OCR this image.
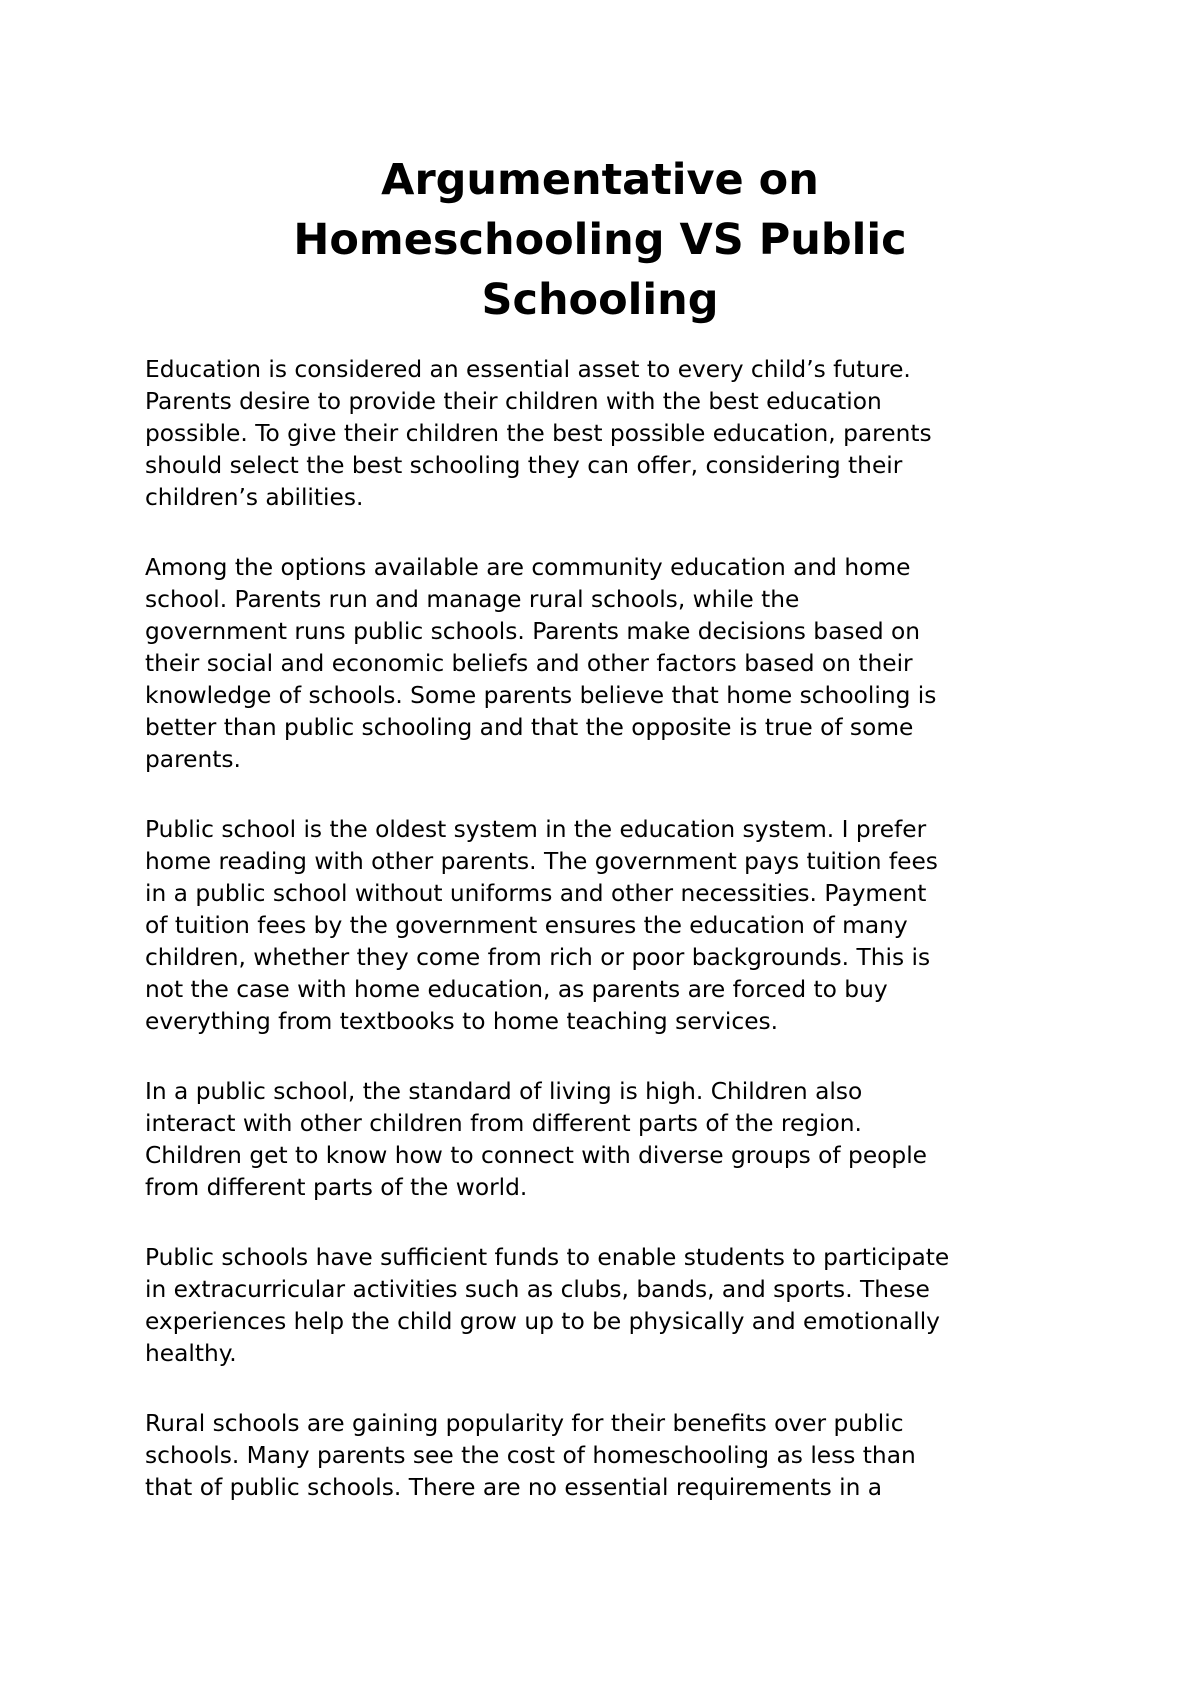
Argumentative on
Homeschooling VS Public
Schooling

Education is considered an essential asset to every child’s future.
Parents desire to provide their children with the best education
possible. To give their children the best possible education, parents
should select the best schooling they can offer, considering their
children’s abilities.

Among the options available are community education and home
school. Parents run and manage rural schools, while the
government runs public schools. Parents make decisions based on
their social and economic beliefs and other factors based on their
knowledge of schools. Some parents believe that home schooling is
better than public schooling and that the opposite is true of some
parents.

Public school is the oldest system in the education system. I prefer
home reading with other parents. The government pays tuition fees
in a public school without uniforms and other necessities. Payment
of tuition fees by the government ensures the education of many
children, whether they come from rich or poor backgrounds. This is
not the case with home education, as parents are forced to buy
everything from textbooks to home teaching services.

In a public school, the standard of living is high. Children also
interact with other children from different parts of the region.
Children get to know how to connect with diverse groups of people
from different parts of the world.

Public schools have sufficient funds to enable students to participate
in extracurricular activities such as clubs, bands, and sports. These
experiences help the child grow up to be physically and emotionally
healthy.

Rural schools are gaining popularity for their benefits over public
schools. Many parents see the cost of homeschooling as less than
that of public schools. There are no essential requirements in a
